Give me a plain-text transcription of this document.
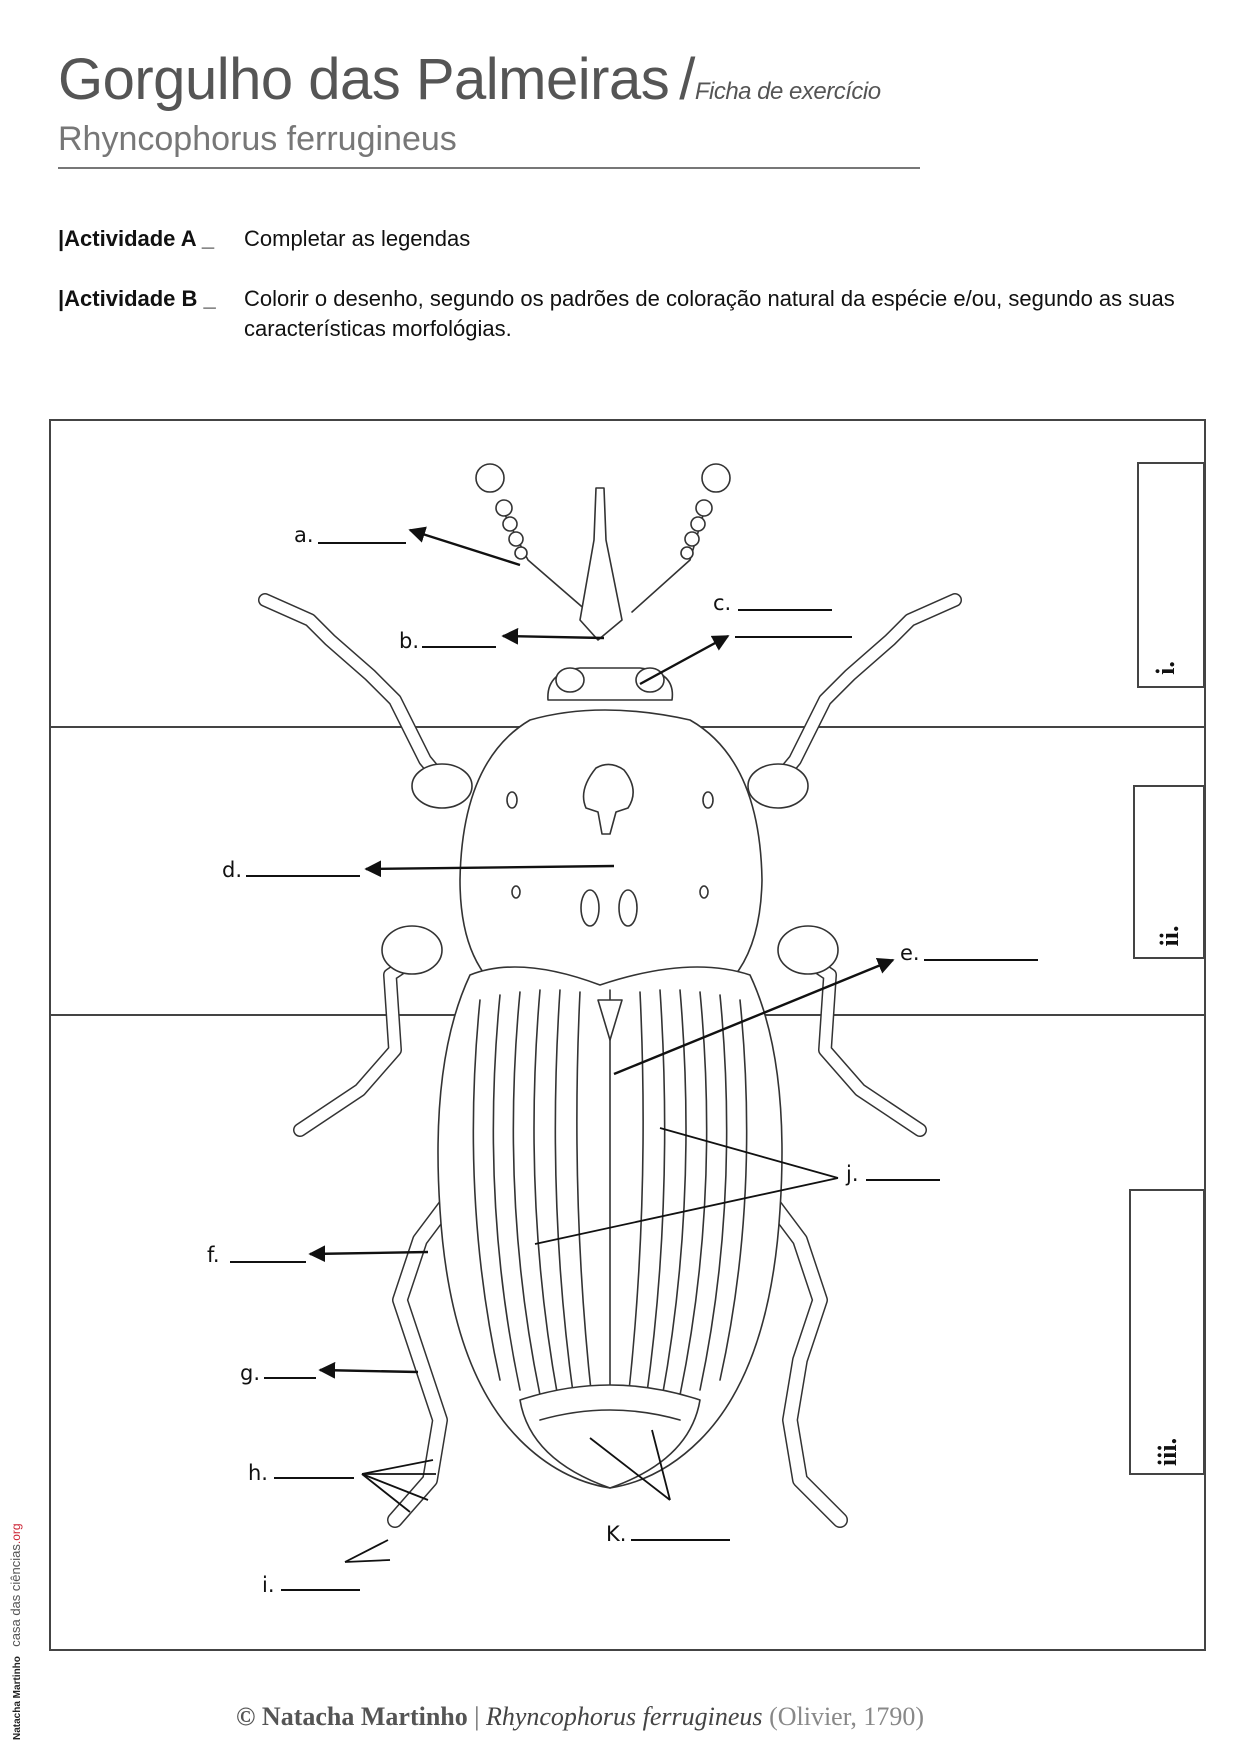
Gorgulho das Palmeiras /Ficha de exercício
Rhyncophorus ferrugineus
|Actividade A _ Completar as legendas
|Actividade B _ Colorir o desenho, segundo os padrões de coloração natural da espécie e/ou, segundo as suas características morfológias.
i.
ii.
iii.
a.
b.
c.
d.
e.
f.
g.
h.
i.
j.
K.
© Natacha Martinho | Rhyncophorus ferrugineus (Olivier, 1790)
Natacha Martinho casa das ciências.org
